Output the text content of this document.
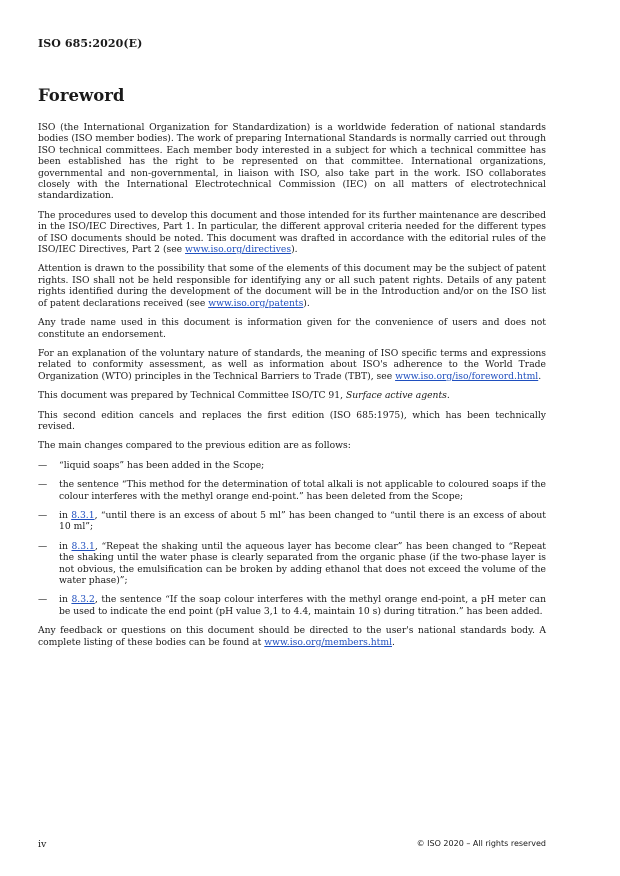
ISO 685:2020(E)
Foreword

ISO (the International Organization for Standardization) is a worldwide federation of national standards bodies (ISO member bodies). The work of preparing International Standards is normally carried out through ISO technical committees. Each member body interested in a subject for which a technical committee has been established has the right to be represented on that committee. International organizations, governmental and non-governmental, in liaison with ISO, also take part in the work. ISO collaborates closely with the International Electrotechnical Commission (IEC) on all matters of electrotechnical standardization.

The procedures used to develop this document and those intended for its further maintenance are described in the ISO/IEC Directives, Part 1. In particular, the different approval criteria needed for the different types of ISO documents should be noted. This document was drafted in accordance with the editorial rules of the ISO/IEC Directives, Part 2 (see www.iso.org/directives).

Attention is drawn to the possibility that some of the elements of this document may be the subject of patent rights. ISO shall not be held responsible for identifying any or all such patent rights. Details of any patent rights identified during the development of the document will be in the Introduction and/or on the ISO list of patent declarations received (see www.iso.org/patents).

Any trade name used in this document is information given for the convenience of users and does not constitute an endorsement.

For an explanation of the voluntary nature of standards, the meaning of ISO specific terms and expressions related to conformity assessment, as well as information about ISO's adherence to the World Trade Organization (WTO) principles in the Technical Barriers to Trade (TBT), see www.iso.org/iso/foreword.html.

This document was prepared by Technical Committee ISO/TC 91, Surface active agents.

This second edition cancels and replaces the first edition (ISO 685:1975), which has been technically revised.

The main changes compared to the previous edition are as follows:

—	“liquid soaps” has been added in the Scope;
—	the sentence “This method for the determination of total alkali is not applicable to coloured soaps if the colour interferes with the methyl orange end-point.” has been deleted from the Scope;
—	in 8.3.1, “until there is an excess of about 5 ml” has been changed to “until there is an excess of about 10 ml”;
—	in 8.3.1, “Repeat the shaking until the aqueous layer has become clear” has been changed to “Repeat the shaking until the water phase is clearly separated from the organic phase (if the two-phase layer is not obvious, the emulsification can be broken by adding ethanol that does not exceed the volume of the water phase)”;
—	in 8.3.2, the sentence “If the soap colour interferes with the methyl orange end-point, a pH meter can be used to indicate the end point (pH value 3,1 to 4.4, maintain 10 s) during titration.” has been added.

Any feedback or questions on this document should be directed to the user's national standards body. A complete listing of these bodies can be found at www.iso.org/members.html.

iv	© ISO 2020 – All rights reserved
